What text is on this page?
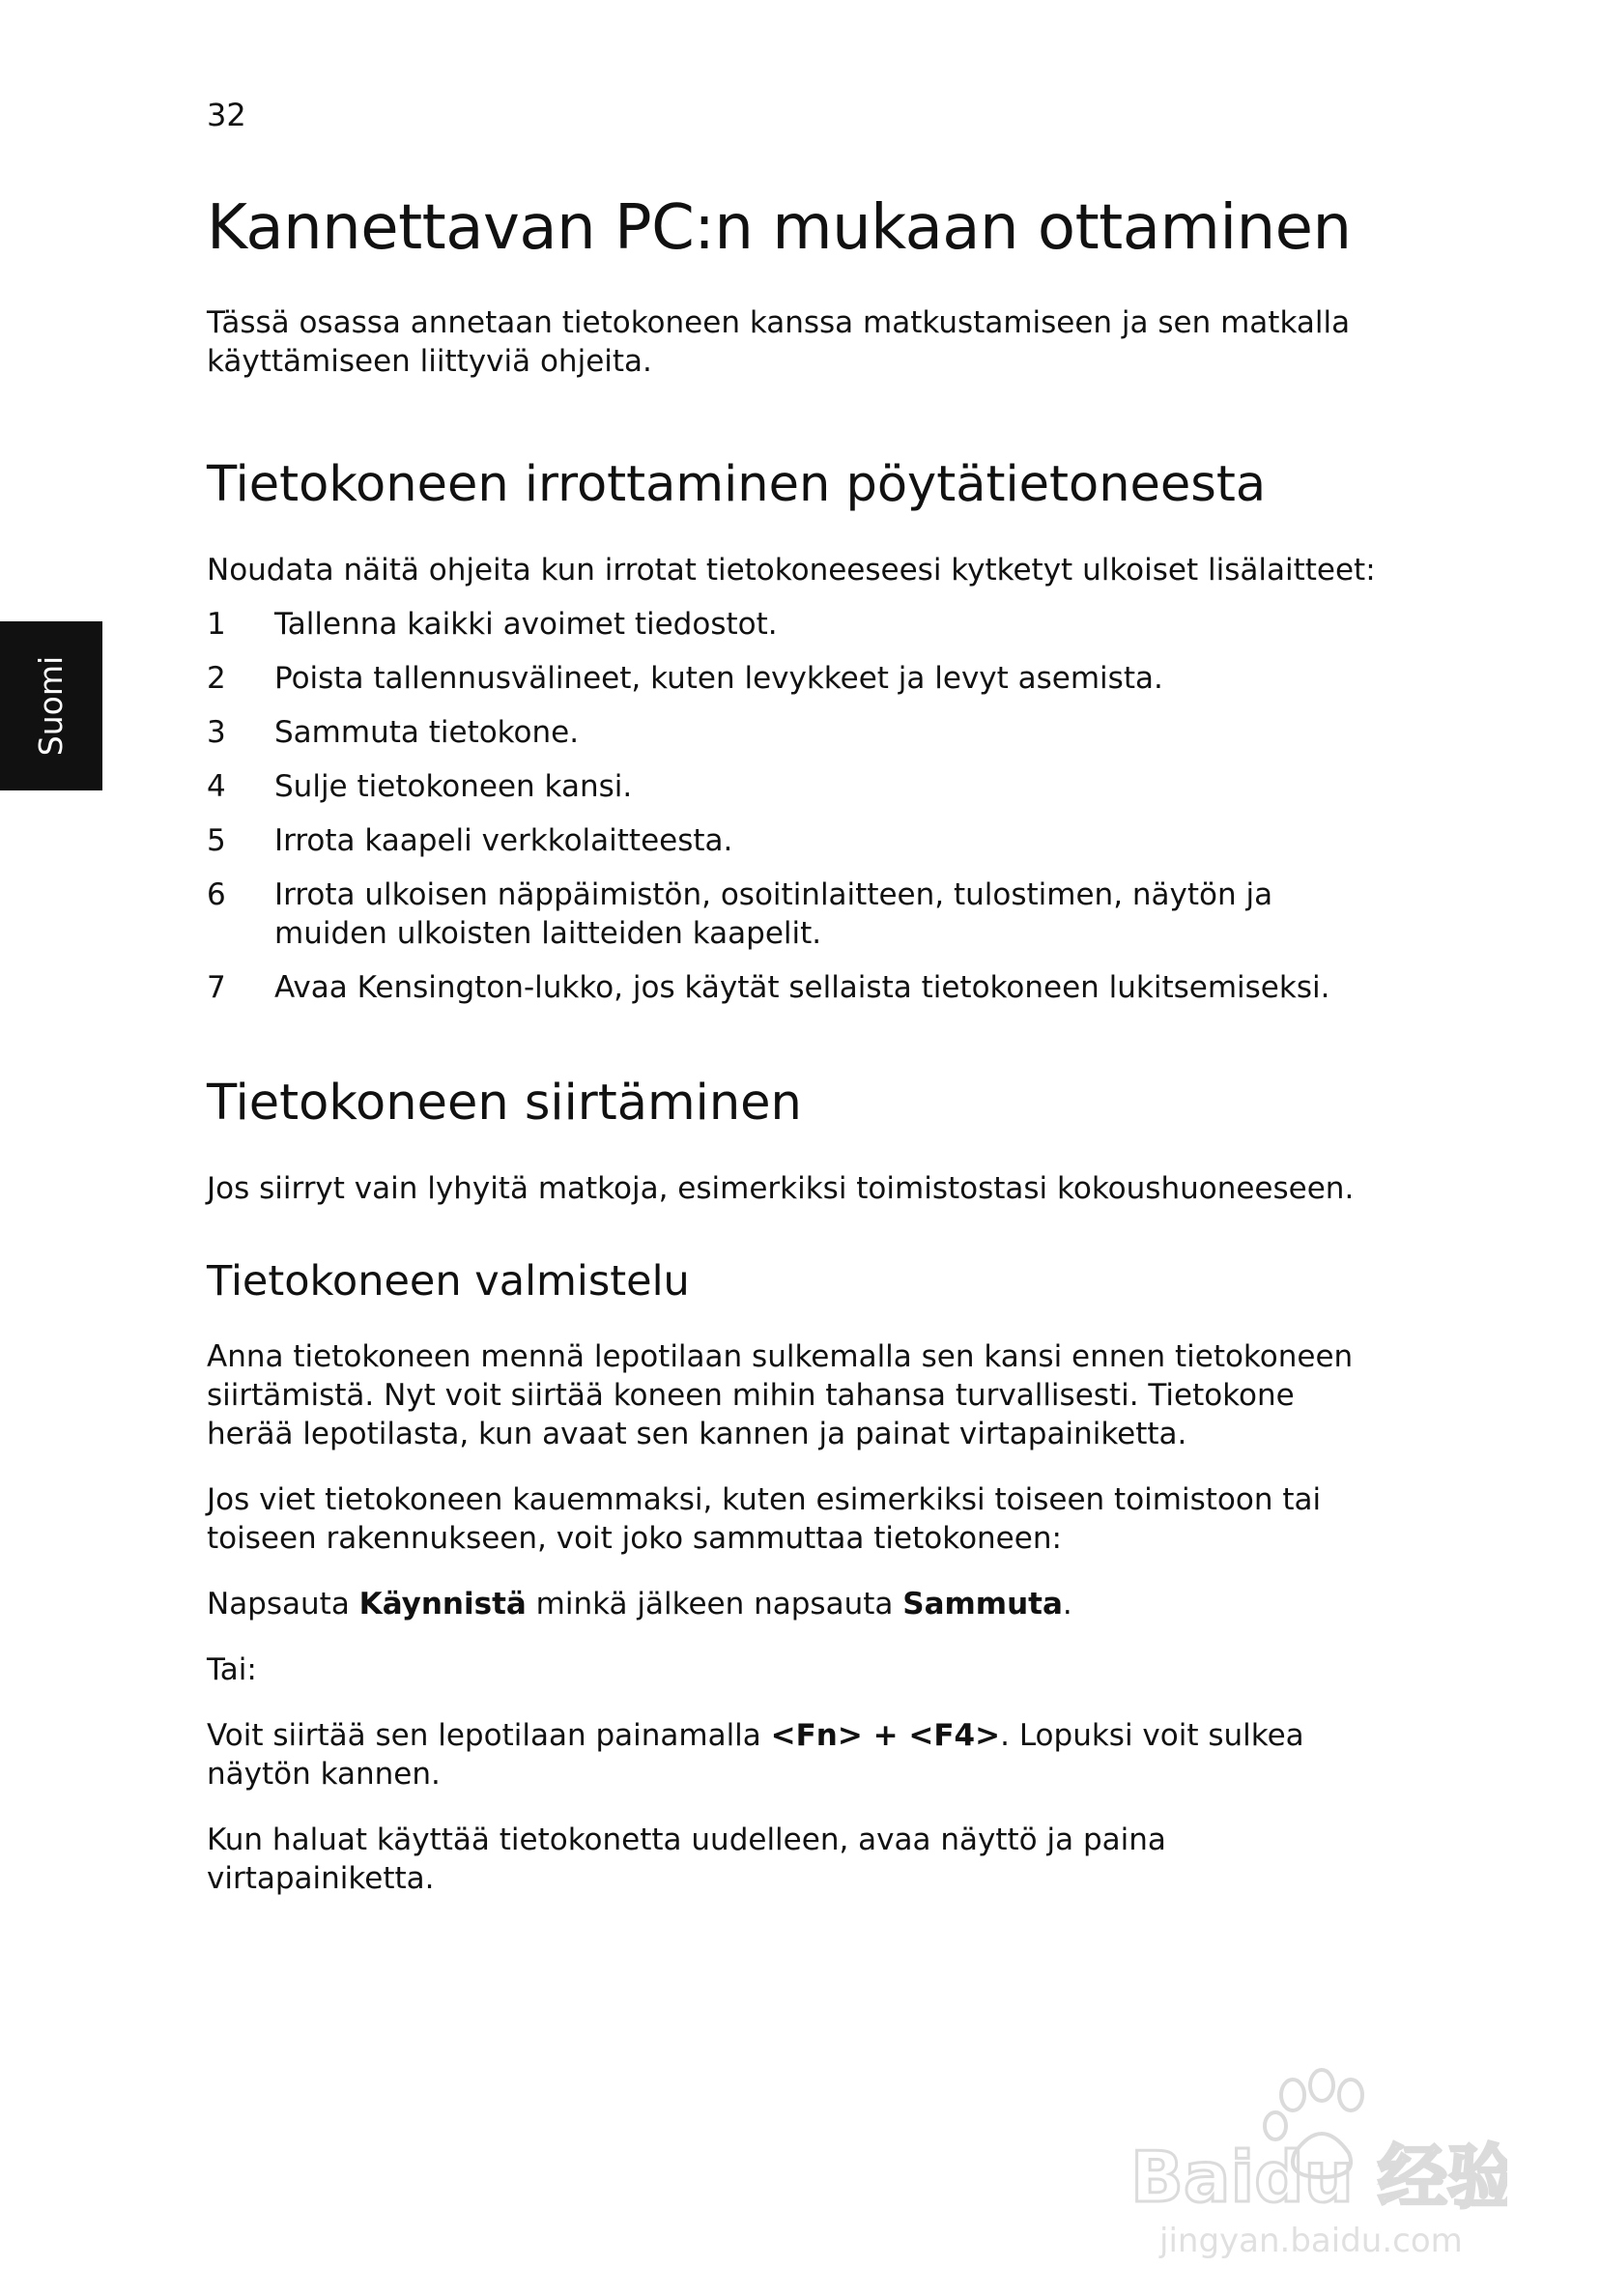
32
Suomi
Kannettavan PC:n mukaan ottaminen

Tässä osassa annetaan tietokoneen kanssa matkustamiseen ja sen matkalla käyttämiseen liittyviä ohjeita.

Tietokoneen irrottaminen pöytätietoneesta

Noudata näitä ohjeita kun irrotat tietokoneeseesi kytketyt ulkoiset lisälaitteet:

1	Tallenna kaikki avoimet tiedostot.
2	Poista tallennusvälineet, kuten levykkeet ja levyt asemista.
3	Sammuta tietokone.
4	Sulje tietokoneen kansi.
5	Irrota kaapeli verkkolaitteesta.
6	Irrota ulkoisen näppäimistön, osoitinlaitteen, tulostimen, näytön ja muiden ulkoisten laitteiden kaapelit.
7	Avaa Kensington-lukko, jos käytät sellaista tietokoneen lukitsemiseksi.
Tietokoneen siirtäminen

Jos siirryt vain lyhyitä matkoja, esimerkiksi toimistostasi kokoushuoneeseen.

Tietokoneen valmistelu

Anna tietokoneen mennä lepotilaan sulkemalla sen kansi ennen tietokoneen siirtämistä. Nyt voit siirtää koneen mihin tahansa turvallisesti. Tietokone herää lepotilasta, kun avaat sen kannen ja painat virtapainiketta.

Jos viet tietokoneen kauemmaksi, kuten esimerkiksi toiseen toimistoon tai toiseen rakennukseen, voit joko sammuttaa tietokoneen:

Napsauta Käynnistä minkä jälkeen napsauta Sammuta.

Tai:

Voit siirtää sen lepotilaan painamalla <Fn> + <F4>. Lopuksi voit sulkea näytön kannen.

Kun haluat käyttää tietokonetta uudelleen, avaa näyttö ja paina virtapainiketta.

Baidu 经验
jingyan.baidu.com
